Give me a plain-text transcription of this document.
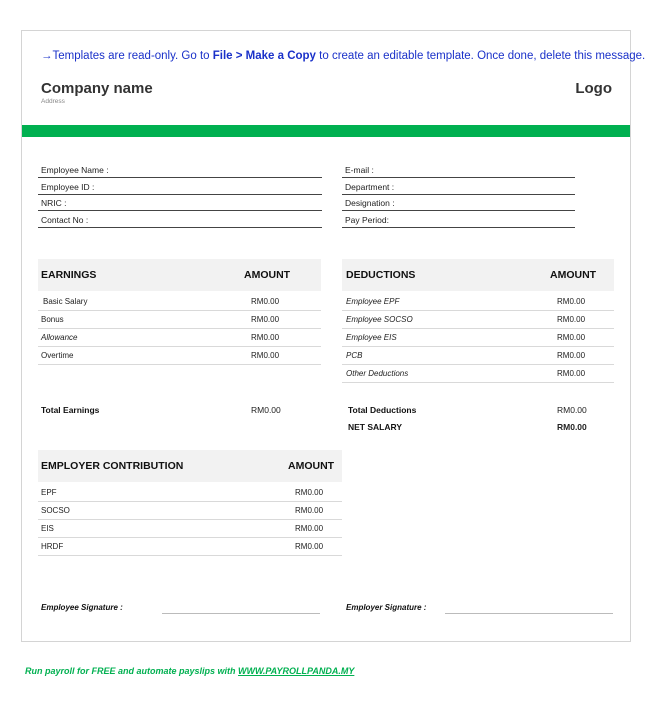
→Templates are read-only. Go to File > Make a Copy to create an editable template. Once done, delete this message.
Company name
Address
Logo
Employee Name :
Employee ID :
NRIC :
Contact No :
E-mail :
Department :
Designation :
Pay Period:
EARNINGS	AMOUNT
Basic Salary	RM0.00
Bonus	RM0.00
Allowance	RM0.00
Overtime	RM0.00
Total Earnings	RM0.00
DEDUCTIONS	AMOUNT
Employee EPF	RM0.00
Employee SOCSO	RM0.00
Employee EIS	RM0.00
PCB	RM0.00
Other Deductions	RM0.00
Total Deductions	RM0.00
NET SALARY	RM0.00
EMPLOYER CONTRIBUTION	AMOUNT
EPF	RM0.00
SOCSO	RM0.00
EIS	RM0.00
HRDF	RM0.00
Employee Signature :	Employer Signature :
Run payroll for FREE and automate payslips with WWW.PAYROLLPANDA.MY
